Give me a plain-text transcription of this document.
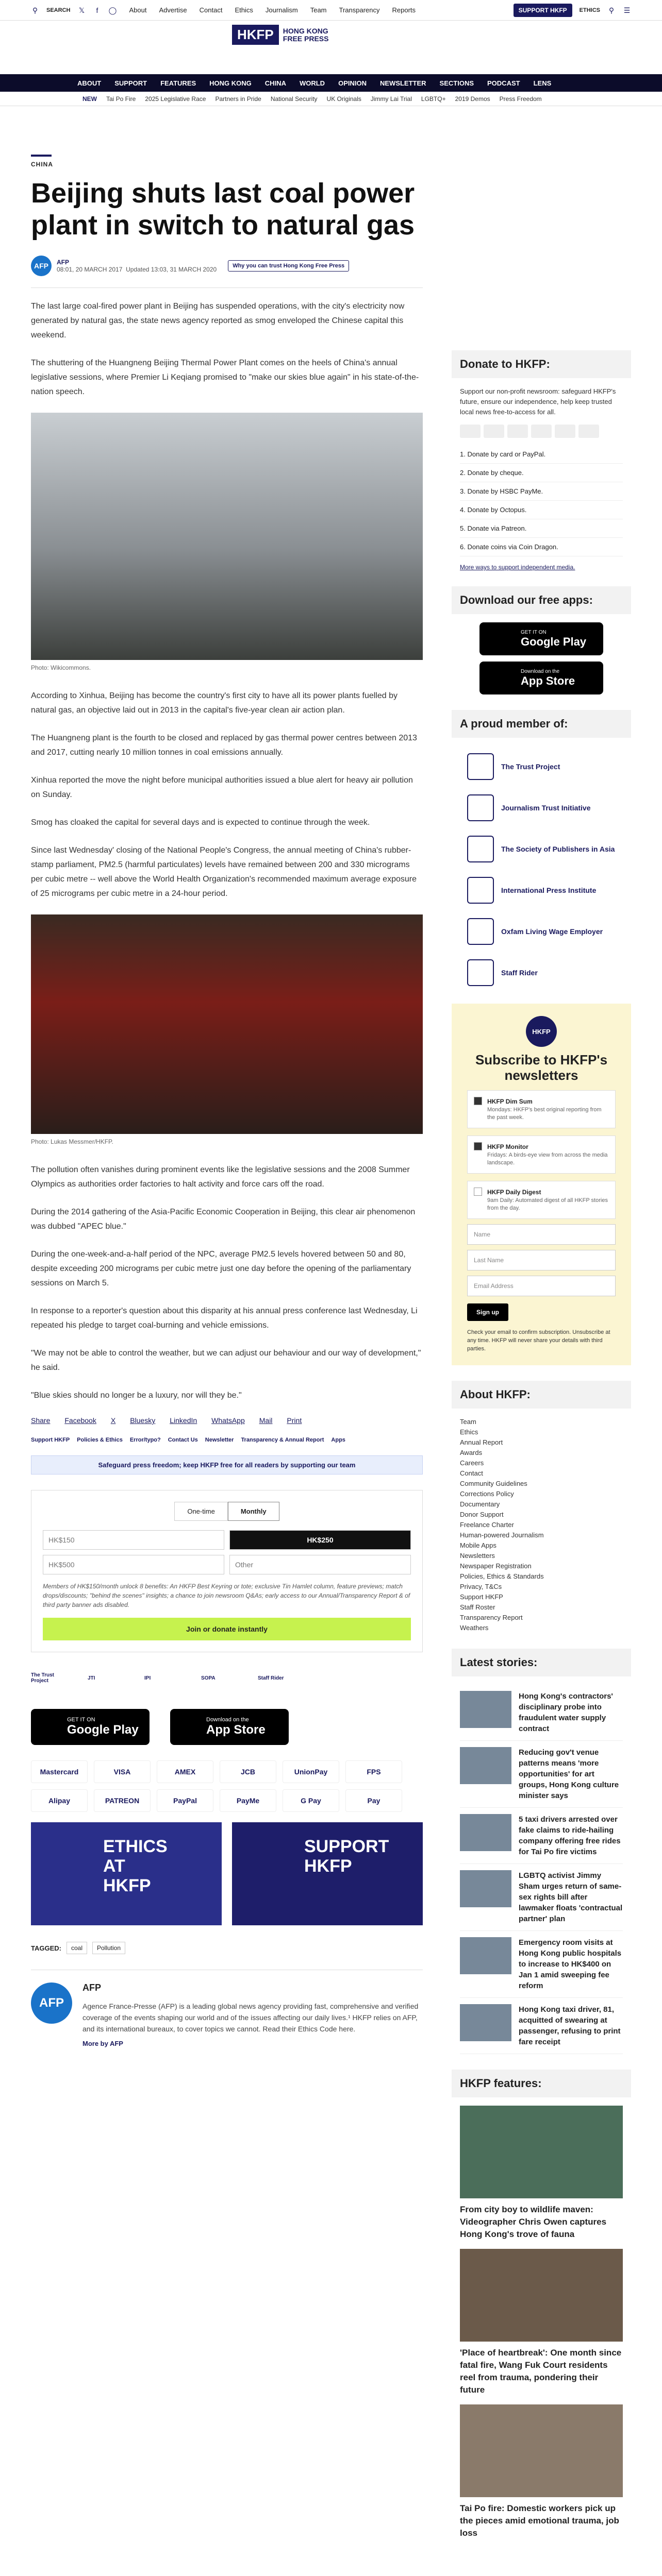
⚲ SEARCH 𝕏	f	◯ About Advertise Contact Ethics Journalism Team Transparency Reports	SUPPORT HKFP	ETHICS ⚲ ☰
HKFP	HONG KONG FREE PRESS
ABOUT SUPPORT FEATURES HONG KONG CHINA WORLD OPINION NEWSLETTER SECTIONS PODCAST LENS
NEW Tai Po Fire 2025 Legislative Race Partners in Pride National Security UK Originals Jimmy Lai Trial LGBTQ+ 2019 Demos Press Freedom
CHINA
Beijing shuts last coal power plant in switch to natural gas
AFP	AFP
08:01, 20 MARCH 2017 Updated 13:03, 31 MARCH 2020	Why you can trust Hong Kong Free Press

The last large coal-fired power plant in Beijing has suspended operations, with the city's electricity now generated by natural gas, the state news agency reported as smog enveloped the Chinese capital this weekend.

The shuttering of the Huangneng Beijing Thermal Power Plant comes on the heels of China's annual legislative sessions, where Premier Li Keqiang promised to "make our skies blue again" in his state-of-the-nation speech.

Photo: Wikicommons.

According to Xinhua, Beijing has become the country's first city to have all its power plants fuelled by natural gas, an objective laid out in 2013 in the capital's five-year clean air action plan.

The Huangneng plant is the fourth to be closed and replaced by gas thermal power centres between 2013 and 2017, cutting nearly 10 million tonnes in coal emissions annually.

Xinhua reported the move the night before municipal authorities issued a blue alert for heavy air pollution on Sunday.

Smog has cloaked the capital for several days and is expected to continue through the week.

Since last Wednesday' closing of the National People's Congress, the annual meeting of China's rubber-stamp parliament, PM2.5 (harmful particulates) levels have remained between 200 and 330 micrograms per cubic metre -- well above the World Health Organization's recommended maximum average exposure of 25 micrograms per cubic metre in a 24-hour period.

Photo: Lukas Messmer/HKFP.

The pollution often vanishes during prominent events like the legislative sessions and the 2008 Summer Olympics as authorities order factories to halt activity and force cars off the road.

During the 2014 gathering of the Asia-Pacific Economic Cooperation in Beijing, this clear air phenomenon was dubbed "APEC blue."

During the one-week-and-a-half period of the NPC, average PM2.5 levels hovered between 50 and 80, despite exceeding 200 micrograms per cubic metre just one day before the opening of the parliamentary sessions on March 5.

In response to a reporter's question about this disparity at his annual press conference last Wednesday, Li repeated his pledge to target coal-burning and vehicle emissions.

"We may not be able to control the weather, but we can adjust our behaviour and our way of development," he said.

"Blue skies should no longer be a luxury, nor will they be."

Share Facebook X Bluesky LinkedIn WhatsApp Mail Print
Support HKFP Policies & Ethics Error/typo? Contact Us Newsletter Transparency & Annual Report Apps
Safeguard press freedom; keep HKFP free for all readers by supporting our team
One-time	Monthly
HK$150	HK$250
HK$500	Other
Members of HK$150/month unlock 8 benefits: An HKFP Best Keyring or tote; exclusive Tin Hamlet column, feature previews; match drops/discounts; "behind the scenes" insights; a chance to join newsroom Q&As; early access to our Annual/Transparency Report & of third party banner ads disabled.
Join or donate instantly
The Trust Project	JTI	IPI	SOPA	Staff Rider
GET IT ON
Google Play
Download on the
App Store
Mastercard	VISA	AMEX	JCB	UnionPay	FPS
Alipay	PATREON	PayPal	PayMe	G Pay	Pay
ETHICS AT HKFP
SUPPORT HKFP
TAGGED:	coal	Pollution
AFP
AFP

Agence France-Presse (AFP) is a leading global news agency providing fast, comprehensive and verified coverage of the events shaping our world and of the issues affecting our daily lives.¹ HKFP relies on AFP, and its international bureaux, to cover topics we cannot. Read their Ethics Code here.

More by AFP
Donate to HKFP:
Support our non-profit newsroom: safeguard HKFP's future, ensure our independence, help keep trusted local news free-to-access for all.
1. Donate by card or PayPal.
2. Donate by cheque.
3. Donate by HSBC PayMe.
4. Donate by Octopus.
5. Donate via Patreon.
6. Donate coins via Coin Dragon.
More ways to support independent media.
Download our free apps:
GET IT ON
Google Play
Download on the
App Store
A proud member of:
The Trust Project
Journalism Trust Initiative
The Society of Publishers in Asia
International Press Institute
Oxfam Living Wage Employer
Staff Rider
HKFP
Subscribe to HKFP's newsletters
HKFP Dim Sum

Mondays: HKFP's best original reporting from the past week.

HKFP Monitor

Fridays: A birds-eye view from across the media landscape.

HKFP Daily Digest

9am Daily: Automated digest of all HKFP stories from the day.

Name
Last Name
Email Address
Sign up
Check your email to confirm subscription. Unsubscribe at any time. HKFP will never share your details with third parties.
About HKFP:
Team
Ethics
Annual Report
Awards
Careers
Contact
Community Guidelines
Corrections Policy
Documentary
Donor Support
Freelance Charter
Human-powered Journalism
Mobile Apps
Newsletters
Newspaper Registration
Policies, Ethics & Standards
Privacy, T&Cs
Support HKFP
Staff Roster
Transparency Report
Weathers
Latest stories:
Hong Kong's contractors' disciplinary probe into fraudulent water supply contract
Reducing gov't venue patterns means 'more opportunities' for art groups, Hong Kong culture minister says
5 taxi drivers arrested over fake claims to ride-hailing company offering free rides for Tai Po fire victims
LGBTQ activist Jimmy Sham urges return of same-sex rights bill after lawmaker floats 'contractual partner' plan
Emergency room visits at Hong Kong public hospitals to increase to HK$400 on Jan 1 amid sweeping fee reform
Hong Kong taxi driver, 81, acquitted of swearing at passenger, refusing to print fare receipt
HKFP features:

From city boy to wildlife maven: Videographer Chris Owen captures Hong Kong's trove of fauna

'Place of heartbreak': One month since fatal fire, Wang Fuk Court residents reel from trauma, pondering their future

Tai Po fire: Domestic workers pick up the pieces amid emotional trauma, job loss
